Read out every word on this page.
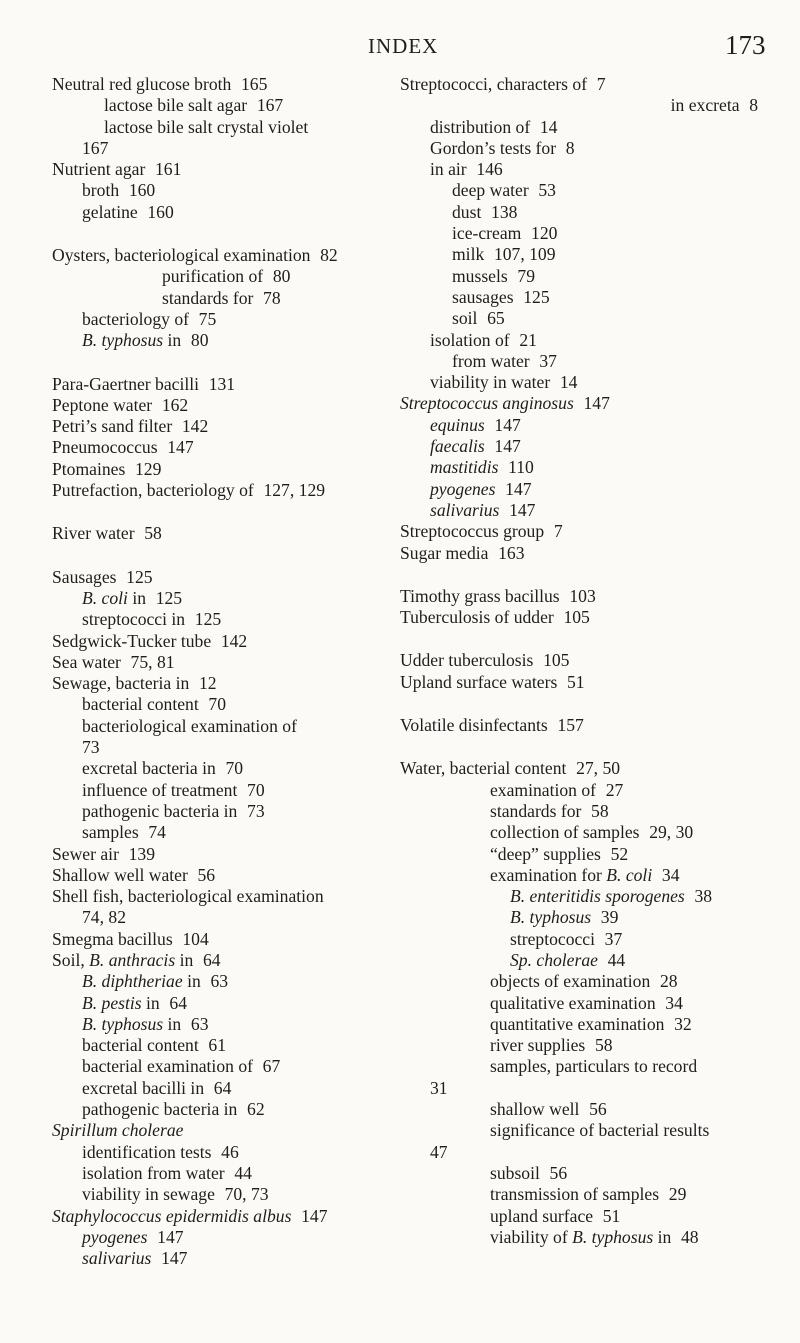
INDEX	173
Neutral red glucose broth 165
lactose bile salt agar 167
lactose bile salt crystal violet
167
Nutrient agar 161
broth 160
gelatine 160
Oysters, bacteriological examination 82
purification of 80
standards for 78
bacteriology of 75
B. typhosus in 80
Para-Gaertner bacilli 131
Peptone water 162
Petri’s sand filter 142
Pneumococcus 147
Ptomaines 129
Putrefaction, bacteriology of 127, 129
River water 58
Sausages 125
B. coli in 125
streptococci in 125
Sedgwick-Tucker tube 142
Sea water 75, 81
Sewage, bacteria in 12
bacterial content 70
bacteriological examination of
73
excretal bacteria in 70
influence of treatment 70
pathogenic bacteria in 73
samples 74
Sewer air 139
Shallow well water 56
Shell fish, bacteriological examination
74, 82
Smegma bacillus 104
Soil, B. anthracis in 64
B. diphtheriae in 63
B. pestis in 64
B. typhosus in 63
bacterial content 61
bacterial examination of 67
excretal bacilli in 64
pathogenic bacteria in 62
Spirillum cholerae
identification tests 46
isolation from water 44
viability in sewage 70, 73
Staphylococcus epidermidis albus 147
pyogenes 147
salivarius 147
Streptococci, characters of 7
in excreta 8
distribution of 14
Gordon’s tests for 8
in air 146
deep water 53
dust 138
ice-cream 120
milk 107, 109
mussels 79
sausages 125
soil 65
isolation of 21
from water 37
viability in water 14
Streptococcus anginosus 147
equinus 147
faecalis 147
mastitidis 110
pyogenes 147
salivarius 147
Streptococcus group 7
Sugar media 163
Timothy grass bacillus 103
Tuberculosis of udder 105
Udder tuberculosis 105
Upland surface waters 51
Volatile disinfectants 157
Water, bacterial content 27, 50
examination of 27
standards for 58
collection of samples 29, 30
“deep” supplies 52
examination for B. coli 34
B. enteritidis sporogenes 38
B. typhosus 39
streptococci 37
Sp. cholerae 44
objects of examination 28
qualitative examination 34
quantitative examination 32
river supplies 58
samples, particulars to record
31
shallow well 56
significance of bacterial results
47
subsoil 56
transmission of samples 29
upland surface 51
viability of B. typhosus in 48
